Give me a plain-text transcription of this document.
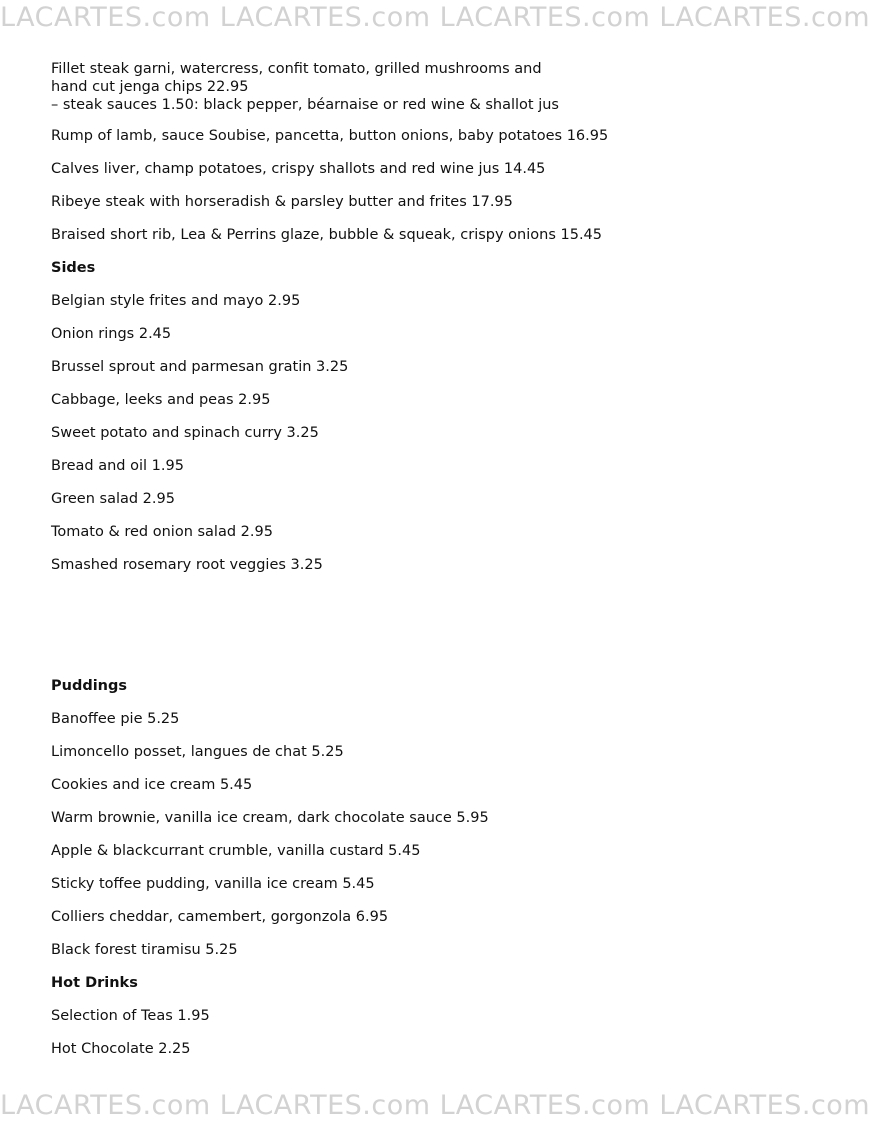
LACARTES.com LACARTES.com LACARTES.com LACARTES.com

Fillet steak garni, watercress, confit tomato, grilled mushrooms and

hand cut jenga chips 22.95

– steak sauces 1.50: black pepper, béarnaise or red wine & shallot jus

Rump of lamb, sauce Soubise, pancetta, button onions, baby potatoes 16.95

Calves liver, champ potatoes, crispy shallots and red wine jus 14.45

Ribeye steak with horseradish & parsley butter and frites 17.95

Braised short rib, Lea & Perrins glaze, bubble & squeak, crispy onions 15.45

Sides

Belgian style frites and mayo 2.95

Onion rings 2.45

Brussel sprout and parmesan gratin 3.25

Cabbage, leeks and peas 2.95

Sweet potato and spinach curry 3.25

Bread and oil 1.95

Green salad 2.95

Tomato & red onion salad 2.95

Smashed rosemary root veggies 3.25

Puddings

Banoffee pie 5.25

Limoncello posset, langues de chat 5.25

Cookies and ice cream 5.45

Warm brownie, vanilla ice cream, dark chocolate sauce 5.95

Apple & blackcurrant crumble, vanilla custard 5.45

Sticky toffee pudding, vanilla ice cream 5.45

Colliers cheddar, camembert, gorgonzola 6.95

Black forest tiramisu 5.25

Hot Drinks

Selection of Teas 1.95

Hot Chocolate 2.25

LACARTES.com LACARTES.com LACARTES.com LACARTES.com
